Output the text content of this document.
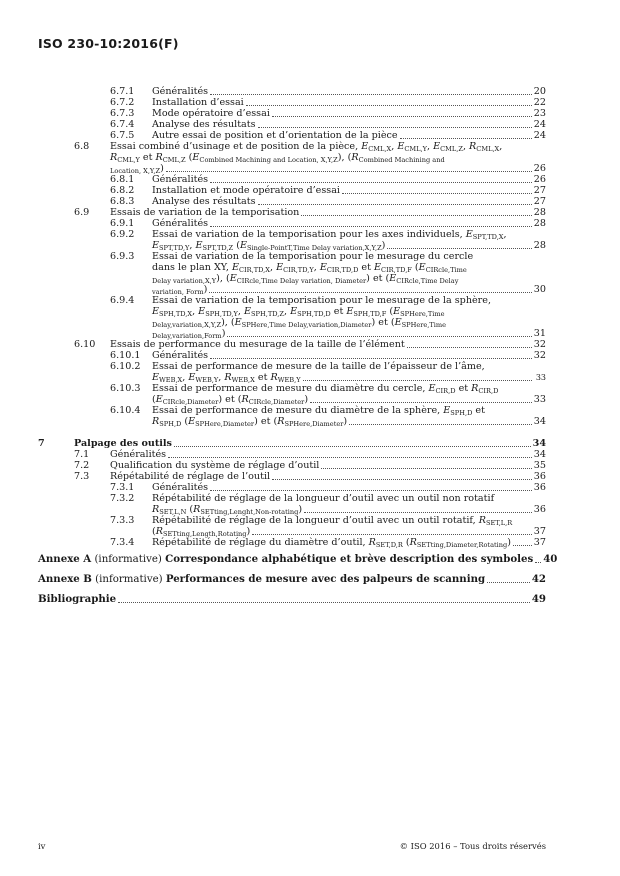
ISO 230-10:2016(F)
6.7.1 Généralités	20
6.7.2 Installation d’essai	22
6.7.3 Mode opératoire d’essai	23
6.7.4 Analyse des résultats	24
6.7.5 Autre essai de position et d’orientation de la pièce	24
6.8 Essai combiné d’usinage et de position de la pièce, $E_{CML,X}$, $E_{CML,Y}$, $E_{CML,Z}$, $R_{CML,X}$,
$R_{CML,Y}$ et $R_{CML,Z}$ $(E_{Combined Machining and Location, X,Y,Z})$, ($R_{Combined Machining and}$
$_{Location, X,Y,Z}$)	26
6.8.1 Généralités	26
6.8.2 Installation et mode opératoire d’essai	27
6.8.3 Analyse des résultats	27
6.9 Essais de variation de la temporisation	28
6.9.1 Généralités	28
6.9.2 Essai de variation de la temporisation pour les axes individuels, $E_{SPT,TD,X}$,
$E_{SPT,TD,Y}$, $E_{SPT,TD,Z}$ $(E_{Single-PointT,Time Delay variation,X,Y,Z})$	28
6.9.3 Essai de variation de la temporisation pour le mesurage du cercle
dans le plan XY, $E_{CIR,TD,X}$, $E_{CIR,TD,Y}$, $E_{CIR,TD,D}$ et $E_{CIR,TD,F}$ ($E_{CIRcle,Time}$
$_{Delay variation,X,Y}$), $(E_{CIRcle,Time Delay variation, Diameter})$ et ($E_{CIRcle,Time Delay}$
$_{variation, Form}$)	30
6.9.4 Essai de variation de la temporisation pour le mesurage de la sphère,
$E_{SPH,TD,X}$, $E_{SPH,TD,Y}$, $E_{SPH,TD,Z}$, $E_{SPH,TD,D}$ et $E_{SPH,TD,F}$ ($E_{SPHere,Time}$
$_{Delay,variation,X,Y,Z}$), $(E_{SPHere,Time Delay,variation,Diameter})$ et ($E_{SPHere,Time}$
$_{Delay,variation,Form}$)	31
6.10 Essais de performance du mesurage de la taille de l’élément	32
6.10.1 Généralités	32
6.10.2 Essai de performance de mesure de la taille de l’épaisseur de l’âme,
$E_{WEB,X}$, $E_{WEB,Y}$, $R_{WEB,X}$ et $R_{WEB,Y}$	33
6.10.3 Essai de performance de mesure du diamètre du cercle, $E_{CIR,D}$ et $R_{CIR,D}$
$(E_{CIRcle,Diameter})$ et $(R_{CIRcle,Diameter})$	33
6.10.4 Essai de performance de mesure du diamètre de la sphère, $E_{SPH,D}$ et
$R_{SPH,D}$ $(E_{SPHere,Diameter})$ et $(R_{SPHere,Diameter})$	34
7	Palpage des outils	34
7.1 Généralités	34
7.2 Qualification du système de réglage d’outil	35
7.3 Répétabilité de réglage de l’outil	36
7.3.1 Généralités	36
7.3.2 Répétabilité de réglage de la longueur d’outil avec un outil non rotatif
$R_{SET,L,N}$ $(R_{SETting,Lenght,Non-rotating})$	36
7.3.3 Répétabilité de réglage de la longueur d’outil avec un outil rotatif, $R_{SET,L,R}$
$(R_{SETting,Length,Rotating})$	37
7.3.4 Répétabilité de réglage du diamètre d’outil, $R_{SET,D,R}$ $(R_{SETting,Diameter,Rotating})$ 37
Annexe A (informative) Correspondance alphabétique et brève description des symboles 40
Annexe B (informative) Performances de mesure avec des palpeurs de scanning	42
Bibliographie	49
iv	© ISO 2016 – Tous droits réservés
